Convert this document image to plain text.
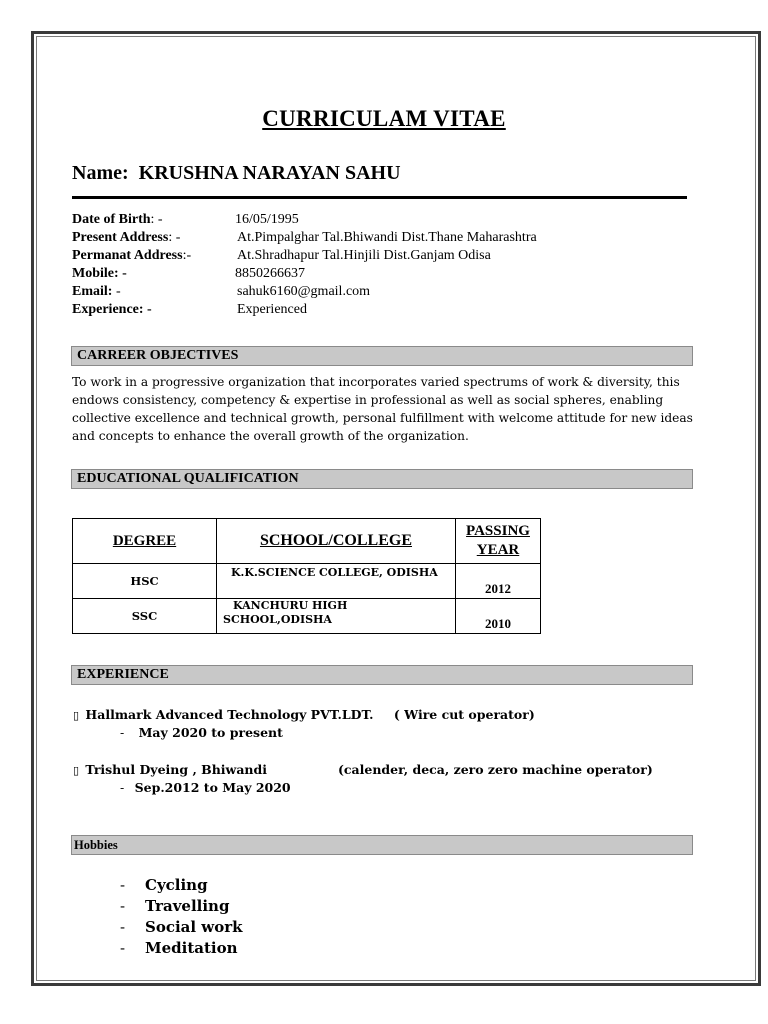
CURRICULAM VITAE
Name: KRUSHNA NARAYAN SAHU
Date of Birth: -	16/05/1995
Present Address: -	At.Pimpalghar Tal.Bhiwandi Dist.Thane Maharashtra
Permanat Address:-	At.Shradhapur Tal.Hinjili Dist.Ganjam Odisa
Mobile: -	8850266637
Email: -	sahuk6160@gmail.com
Experience: -	Experienced
CARREER OBJECTIVES
To work in a progressive organization that incorporates varied spectrums of work & diversity, this endows consistency, competency & expertise in professional as well as social spheres, enabling collective excellence and technical growth, personal fulfillment with welcome attitude for new ideas and concepts to enhance the overall growth of the organization.
EDUCATIONAL QUALIFICATION
DEGREE	SCHOOL/COLLEGE	PASSING
YEAR
HSC	K.K.SCIENCE COLLEGE, ODISHA	2012
SSC	KANCHURU HIGH
SCHOOL,ODISHA	2010
EXPERIENCE
▯ Hallmark Advanced Technology PVT.LDT. ( Wire cut operator)
- May 2020 to present
▯ Trishul Dyeing , Bhiwandi	(calender, deca, zero zero machine operator)
- Sep.2012 to May 2020
Hobbies
- Cycling
- Travelling
- Social work
- Meditation
